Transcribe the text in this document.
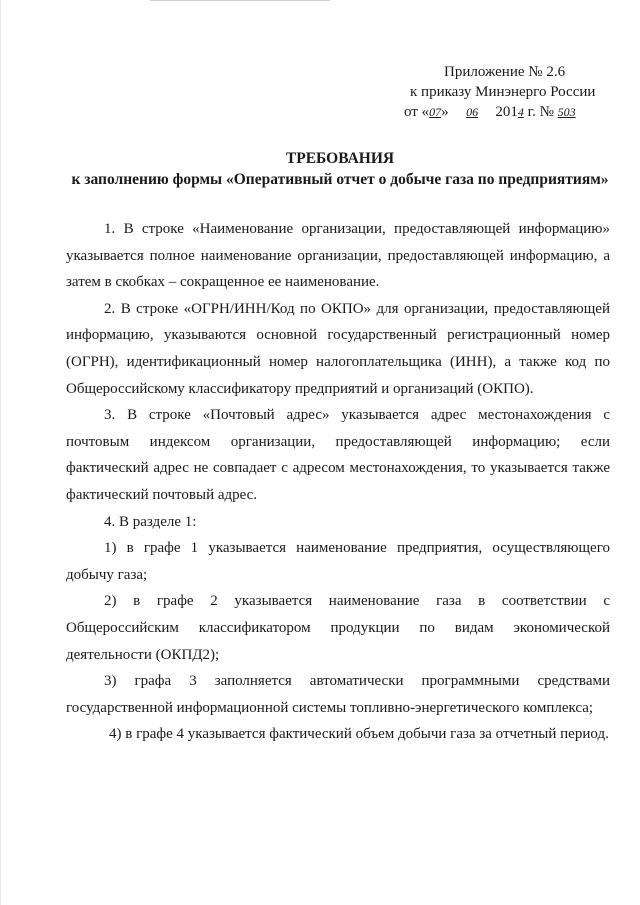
Приложение № 2.6
к приказу Минэнерго России
от «07» 06 2014 г. № 503
ТРЕБОВАНИЯ
к заполнению формы «Оперативный отчет о добыче газа по предприятиям»

1. В строке «Наименование организации, предоставляющей информацию» указывается полное наименование организации, предоставляющей информацию, а затем в скобках – сокращенное ее наименование.

2. В строке «ОГРН/ИНН/Код по ОКПО» для организации, предоставляющей информацию, указываются основной государственный регистрационный номер (ОГРН), идентификационный номер налогоплательщика (ИНН), а также код по Общероссийскому классификатору предприятий и организаций (ОКПО).

3. В строке «Почтовый адрес» указывается адрес местонахождения с почтовым индексом организации, предоставляющей информацию; если фактический адрес не совпадает с адресом местонахождения, то указывается также фактический почтовый адрес.

4. В разделе 1:

1) в графе 1 указывается наименование предприятия, осуществляющего добычу газа;

2) в графе 2 указывается наименование газа в соответствии с Общероссийским классификатором продукции по видам экономической деятельности (ОКПД2);

3) графа 3 заполняется автоматически программными средствами государственной информационной системы топливно-энергетического комплекса;

4) в графе 4 указывается фактический объем добычи газа за отчетный период.
